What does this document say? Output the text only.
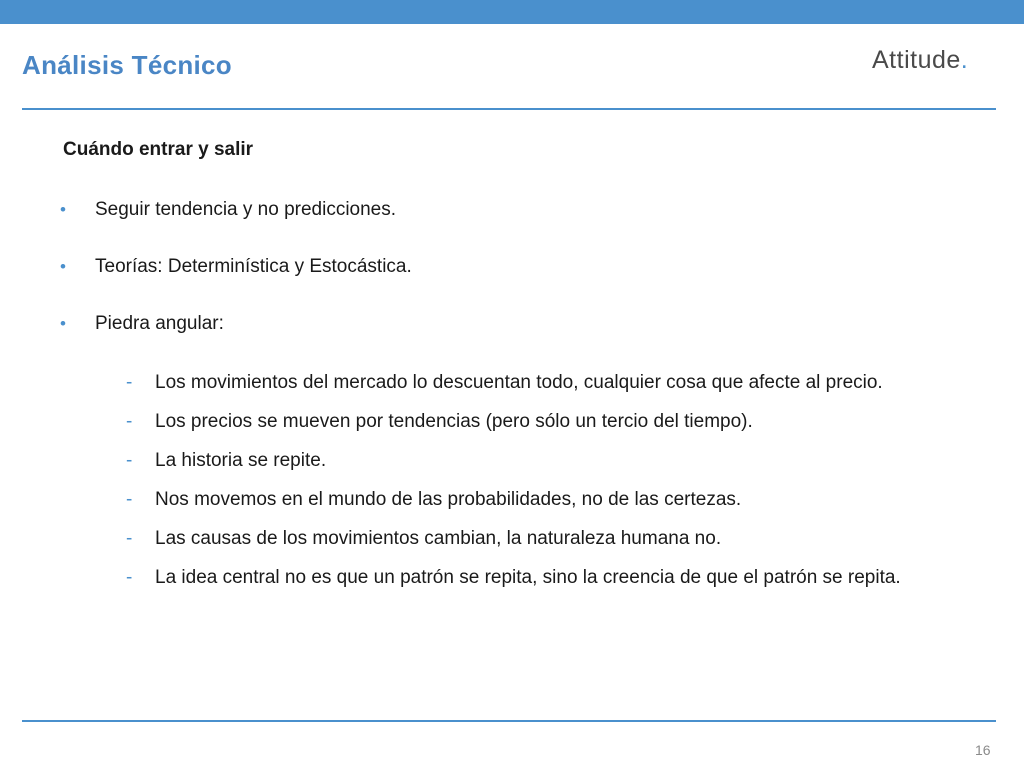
Análisis Técnico	Attitude.
Cuándo entrar y salir
• Seguir tendencia y no predicciones.
• Teorías: Determinística y Estocástica.
• Piedra angular:
- Los movimientos del mercado lo descuentan todo, cualquier cosa que afecte al precio.
- Los precios se mueven por tendencias (pero sólo un tercio del tiempo).
- La historia se repite.
- Nos movemos en el mundo de las probabilidades, no de las certezas.
- Las causas de los movimientos cambian, la naturaleza humana no.
- La idea central no es que un patrón se repita, sino la creencia de que el patrón se repita.
16
